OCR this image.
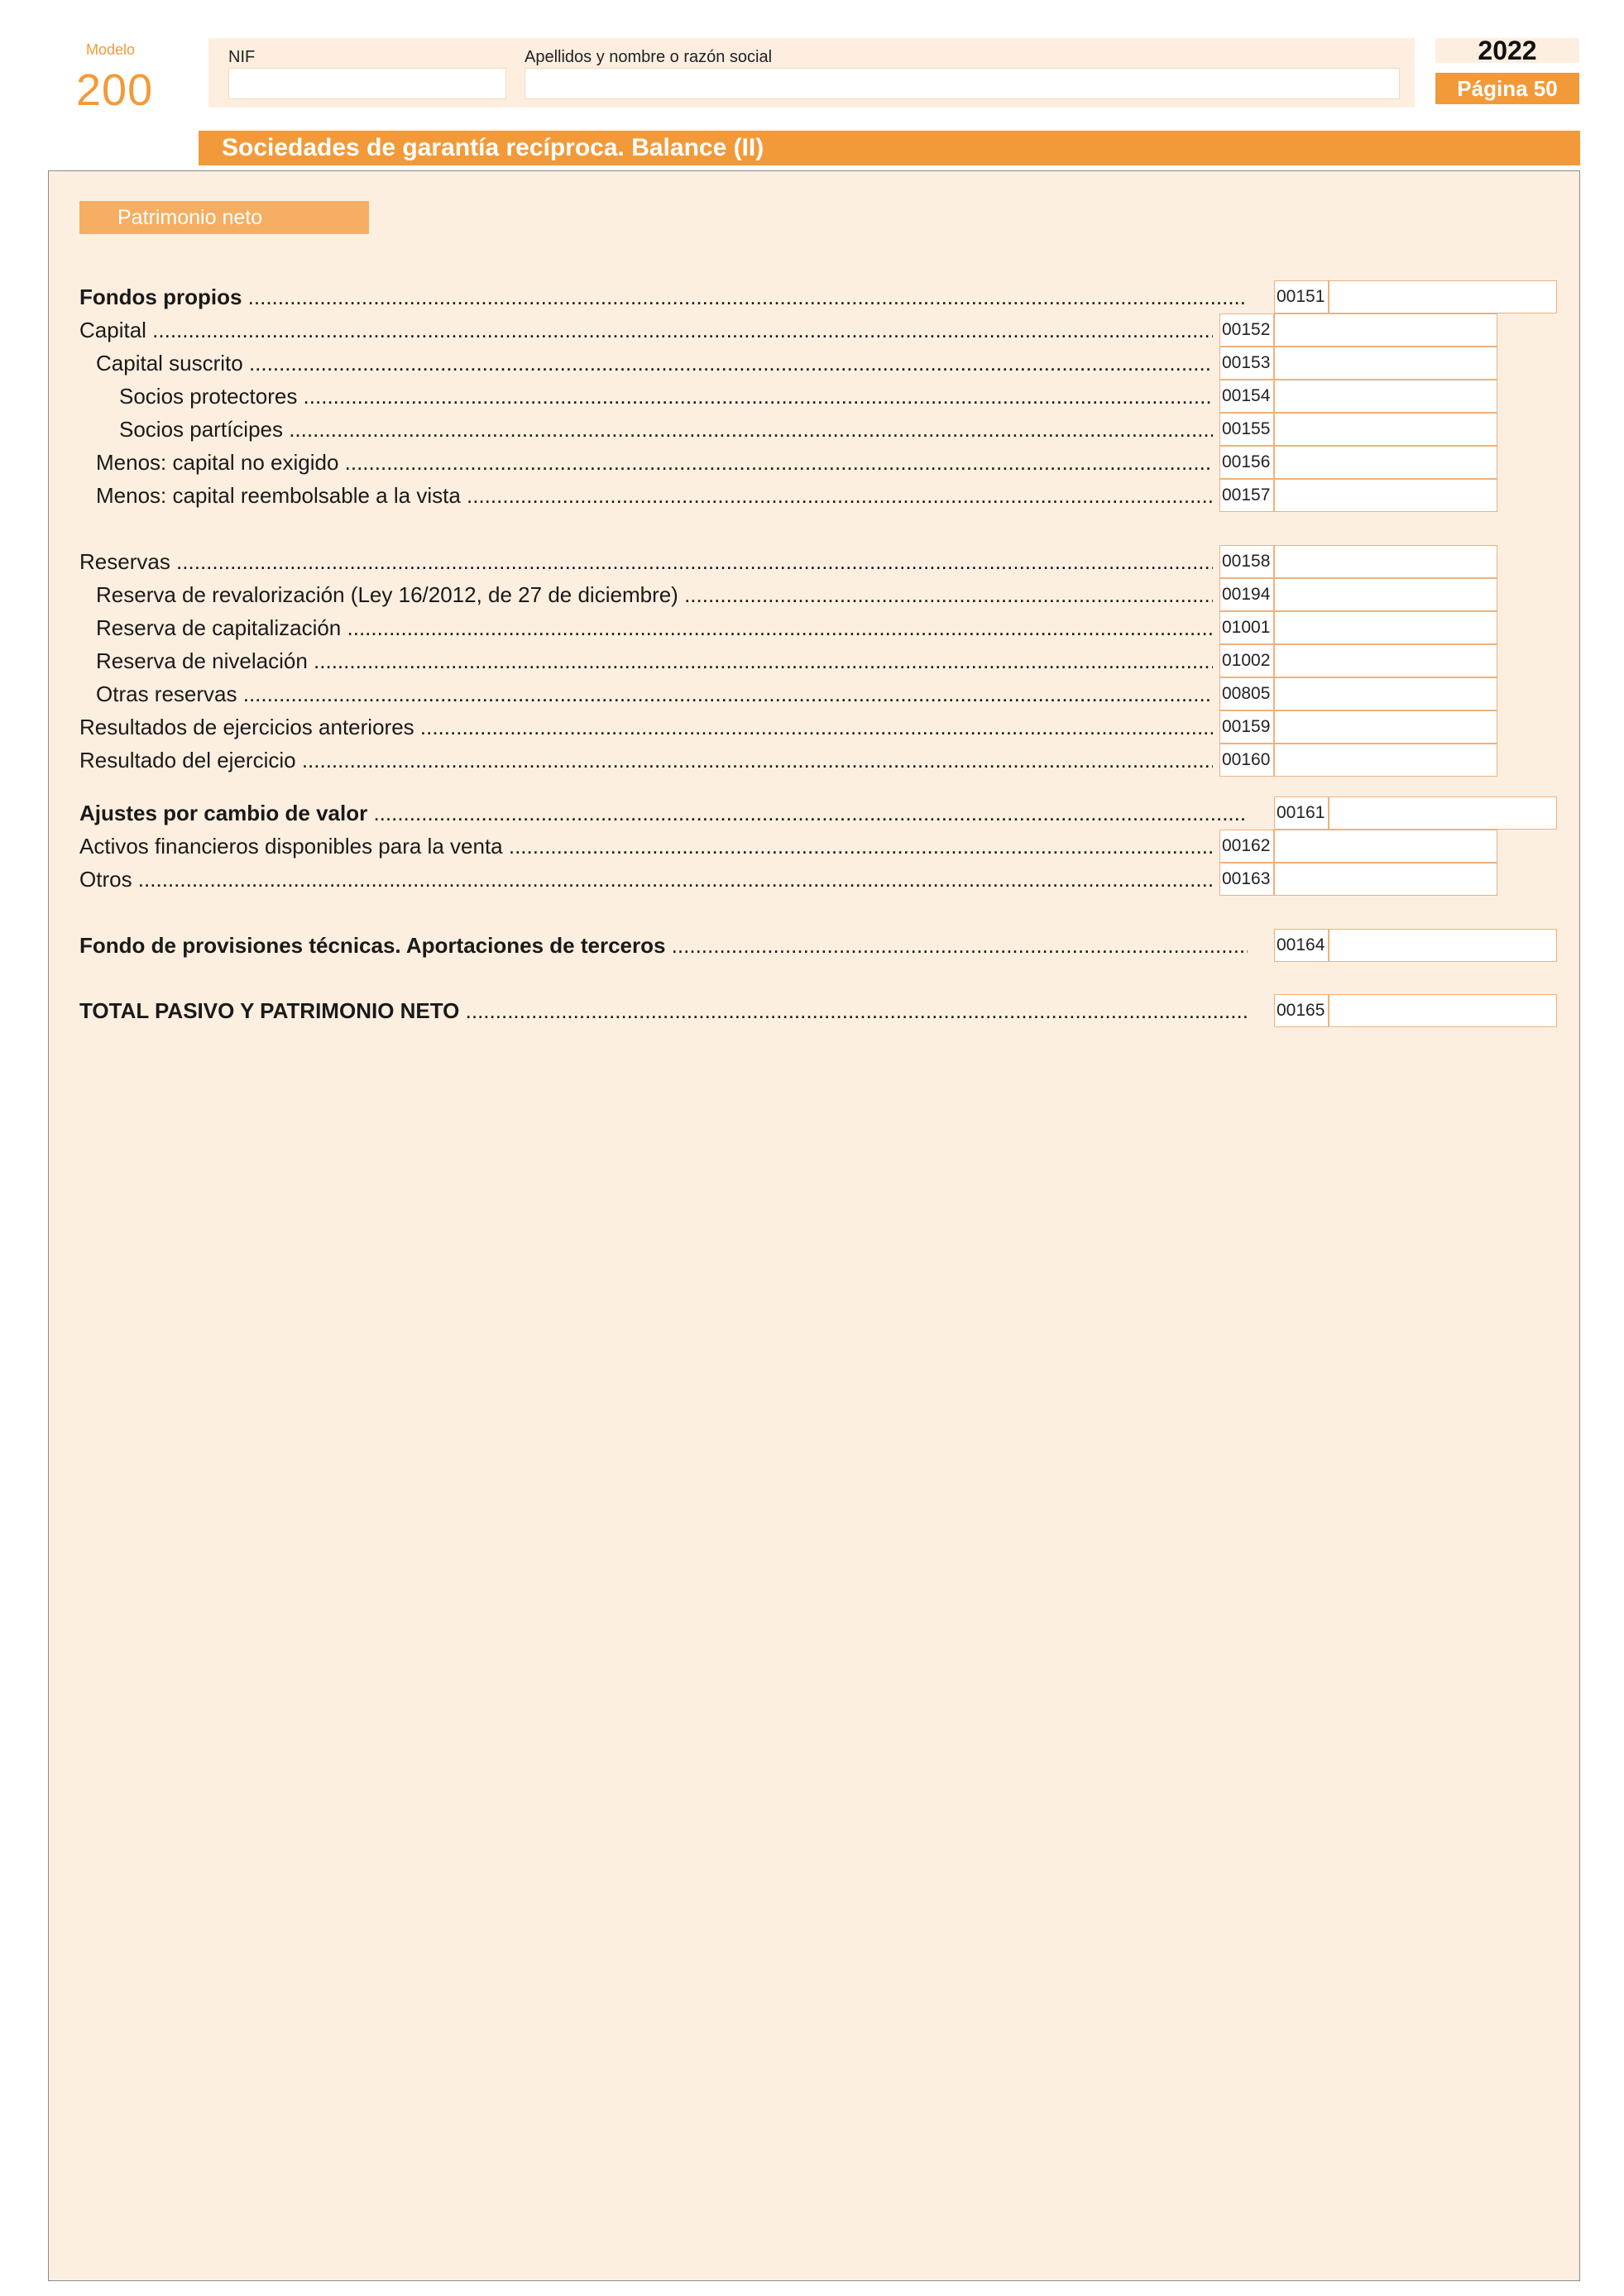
Modelo
200
NIF	Apellidos y nombre o razón social	2022
Página 50
Sociedades de garantía recíproca. Balance (II)
Patrimonio neto
Fondos propios .....	00151
Capital .....	00152
Capital suscrito .....	00153
Socios protectores .....	00154
Socios partícipes .....	00155
Menos: capital no exigido .....	00156
Menos: capital reembolsable a la vista .....	00157
Reservas .....	00158
Reserva de revalorización (Ley 16/2012, de 27 de diciembre) .....	00194
Reserva de capitalización .....	01001
Reserva de nivelación .....	01002
Otras reservas .....	00805
Resultados de ejercicios anteriores .....	00159
Resultado del ejercicio .....	00160
Ajustes por cambio de valor .....	00161
Activos financieros disponibles para la venta .....	00162
Otros .....	00163
Fondo de provisiones técnicas. Aportaciones de terceros .....	00164
TOTAL PASIVO Y PATRIMONIO NETO .....	00165
